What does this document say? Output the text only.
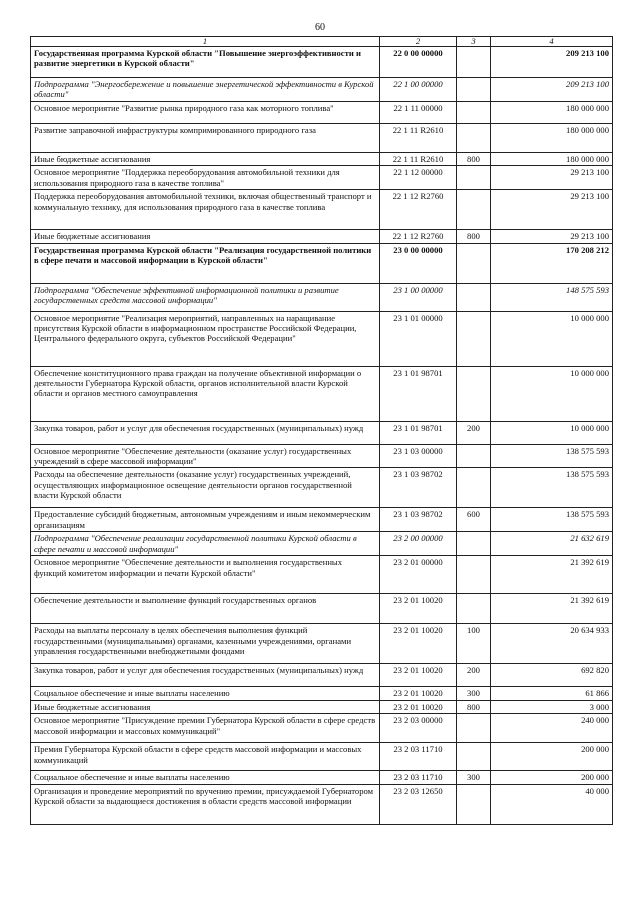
60
1	2	3	4
Государственная программа Курской области "Повышение энергоэффективности и развитие энергетики в Курской области"	22 0 00 00000		209 213 100
Подпрограмма "Энергосбережение и повышение энергетической эффективности в Курской области"	22 1 00 00000		209 213 100
Основное мероприятие "Развитие рынка природного газа как моторного топлива"	22 1 11 00000		180 000 000
Развитие заправочной инфраструктуры компримированного природного газа	22 1 11 R2610		180 000 000
Иные бюджетные ассигнования	22 1 11 R2610	800	180 000 000
Основное мероприятие "Поддержка переоборудования автомобильной техники для использования природного газа в качестве топлива"	22 1 12 00000		29 213 100
Поддержка переоборудования автомобильной техники, включая общественный транспорт и коммунальную технику, для использования природного газа в качестве топлива	22 1 12 R2760		29 213 100
Иные бюджетные ассигнования	22 1 12 R2760	800	29 213 100
Государственная программа Курской области "Реализация государственной политики в сфере печати и массовой информации в Курской области"	23 0 00 00000		170 208 212
Подпрограмма "Обеспечение эффективной информационной политики и развитие государственных средств массовой информации"	23 1 00 00000		148 575 593
Основное мероприятие "Реализация мероприятий, направленных на наращивание присутствия Курской области в информационном пространстве Российской Федерации, Центрального федерального округа, субъектов Российской Федерации"	23 1 01 00000		10 000 000
Обеспечение конституционного права граждан на получение объективной информации о деятельности Губернатора Курской области, органов исполнительной власти Курской области и органов местного самоуправления	23 1 01 98701		10 000 000
Закупка товаров, работ и услуг для обеспечения государственных (муниципальных) нужд	23 1 01 98701	200	10 000 000
Основное мероприятие "Обеспечение деятельности (оказание услуг) государственных учреждений в сфере массовой информации"	23 1 03 00000		138 575 593
Расходы на обеспечение деятельности (оказание услуг) государственных учреждений, осуществляющих информационное освещение деятельности органов государственной власти Курской области	23 1 03 98702		138 575 593
Предоставление субсидий бюджетным, автономным учреждениям и иным некоммерческим организациям	23 1 03 98702	600	138 575 593
Подпрограмма "Обеспечение реализации государственной политики Курской области в сфере печати и массовой информации"	23 2 00 00000		21 632 619
Основное мероприятие "Обеспечение деятельности и выполнения государственных функций комитетом информации и печати Курской области"	23 2 01 00000		21 392 619
Обеспечение деятельности и выполнение функций государственных органов	23 2 01 10020		21 392 619
Расходы на выплаты персоналу в целях обеспечения выполнения функций государственными (муниципальными) органами, казенными учреждениями, органами управления государственными внебюджетными фондами	23 2 01 10020	100	20 634 933
Закупка товаров, работ и услуг для обеспечения государственных (муниципальных) нужд	23 2 01 10020	200	692 820
Социальное обеспечение и иные выплаты населению	23 2 01 10020	300	61 866
Иные бюджетные ассигнования	23 2 01 10020	800	3 000
Основное мероприятие "Присуждение премии Губернатора Курской области в сфере средств массовой информации и массовых коммуникаций"	23 2 03 00000		240 000
Премия Губернатора Курской области в сфере средств массовой информации и массовых коммуникаций	23 2 03 11710		200 000
Социальное обеспечение и иные выплаты населению	23 2 03 11710	300	200 000
Организация и проведение мероприятий по вручению премии, присуждаемой Губернатором Курской области за выдающиеся достижения в области средств массовой информации	23 2 03 12650		40 000
